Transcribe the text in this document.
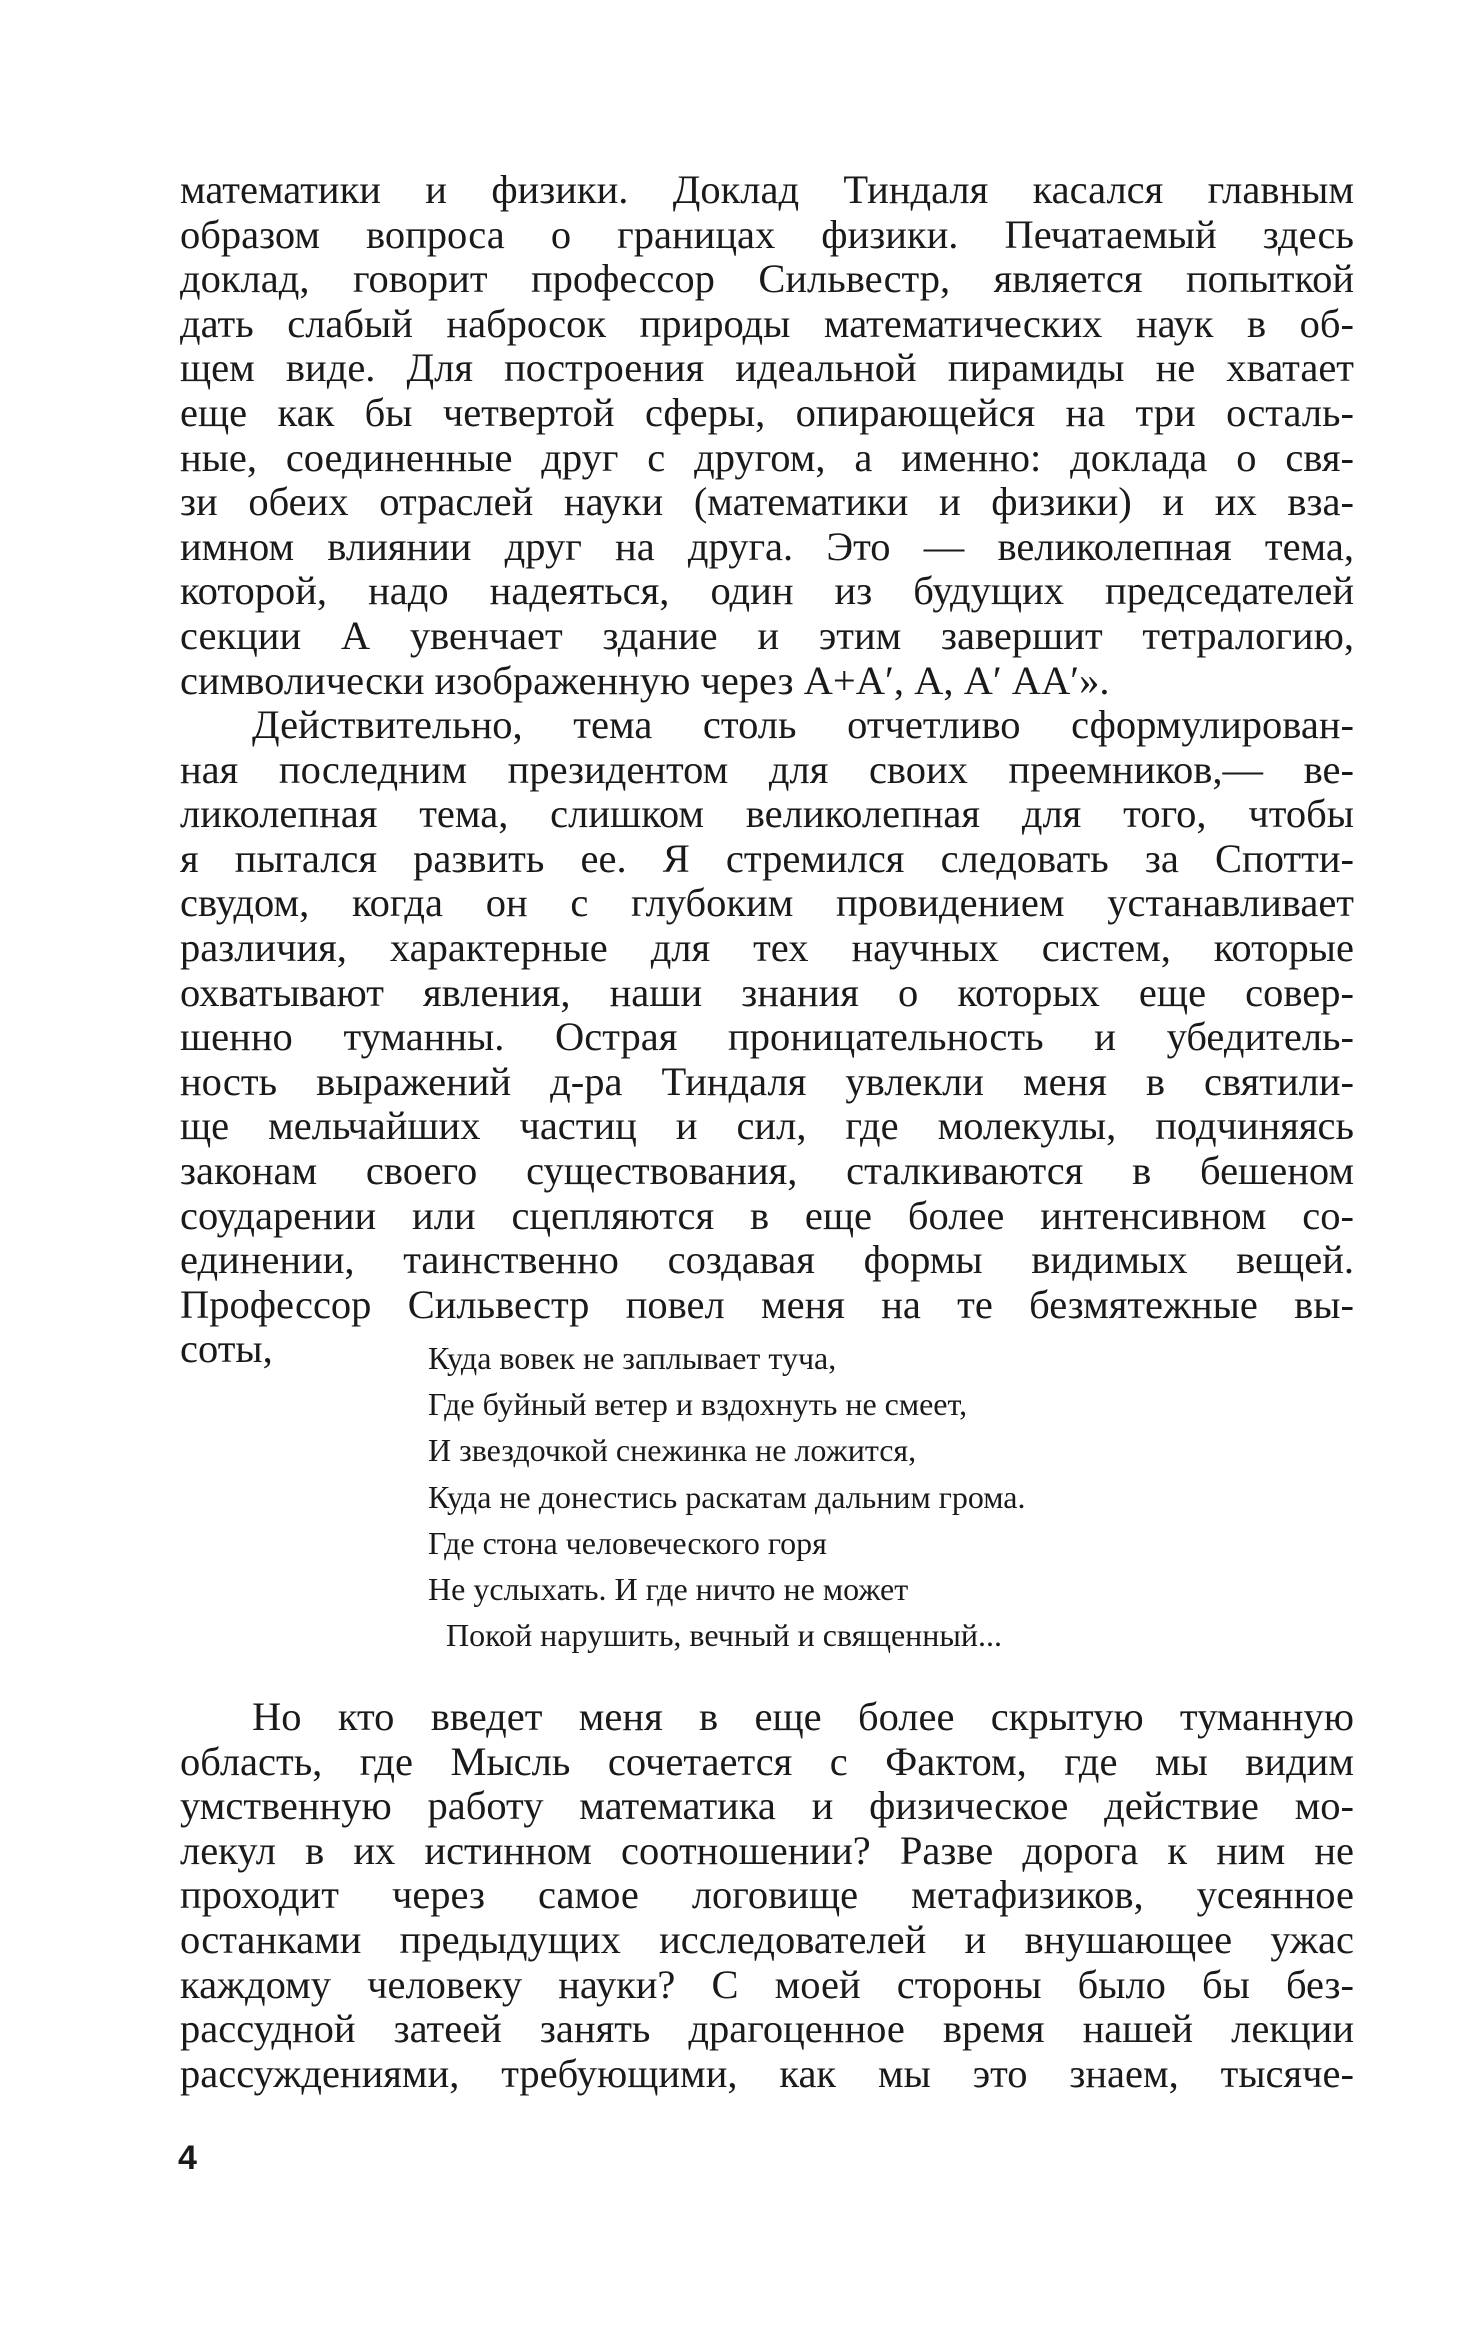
математики и физики. Доклад Тиндаля касался главным
образом вопроса о границах физики. Печатаемый здесь
доклад, говорит профессор Сильвестр, является попыткой
дать слабый набросок природы математических наук в об-
щем виде. Для построения идеальной пирамиды не хватает
еще как бы четвертой сферы, опирающейся на три осталь-
ные, соединенные друг с другом, а именно: доклада о свя-
зи обеих отраслей науки (математики и физики) и их вза-
имном влиянии друг на друга. Это — великолепная тема,
которой, надо надеяться, один из будущих председателей
секции А увенчает здание и этим завершит тетралогию,
символически изображенную через А+А′, А, А′ АА′».
Действительно, тема столь отчетливо сформулирован-
ная последним президентом для своих преемников,— ве-
ликолепная тема, слишком великолепная для того, чтобы
я пытался развить ее. Я стремился следовать за Спотти-
свудом, когда он с глубоким провидением устанавливает
различия, характерные для тех научных систем, которые
охватывают явления, наши знания о которых еще совер-
шенно туманны. Острая проницательность и убедитель-
ность выражений д-ра Тиндаля увлекли меня в святили-
ще мельчайших частиц и сил, где молекулы, подчиняясь
законам своего существования, сталкиваются в бешеном
соударении или сцепляются в еще более интенсивном со-
единении, таинственно создавая формы видимых вещей.
Профессор Сильвестр повел меня на те безмятежные вы-
соты,	Куда вовек не заплывает туча,
Где буйный ветер и вздохнуть не смеет,
И звездочкой снежинка не ложится,
Куда не донестись раскатам дальним грома.
Где стона человеческого горя
Не услыхать. И где ничто не может
Покой нарушить, вечный и священный...
Но кто введет меня в еще более скрытую туманную
область, где Мысль сочетается с Фактом, где мы видим
умственную работу математика и физическое действие мо-
лекул в их истинном соотношении? Разве дорога к ним не
проходит через самое логовище метафизиков, усеянное
останками предыдущих исследователей и внушающее ужас
каждому человеку науки? С моей стороны было бы без-
рассудной затеей занять драгоценное время нашей лекции
рассуждениями, требующими, как мы это знаем, тысяче-
4
